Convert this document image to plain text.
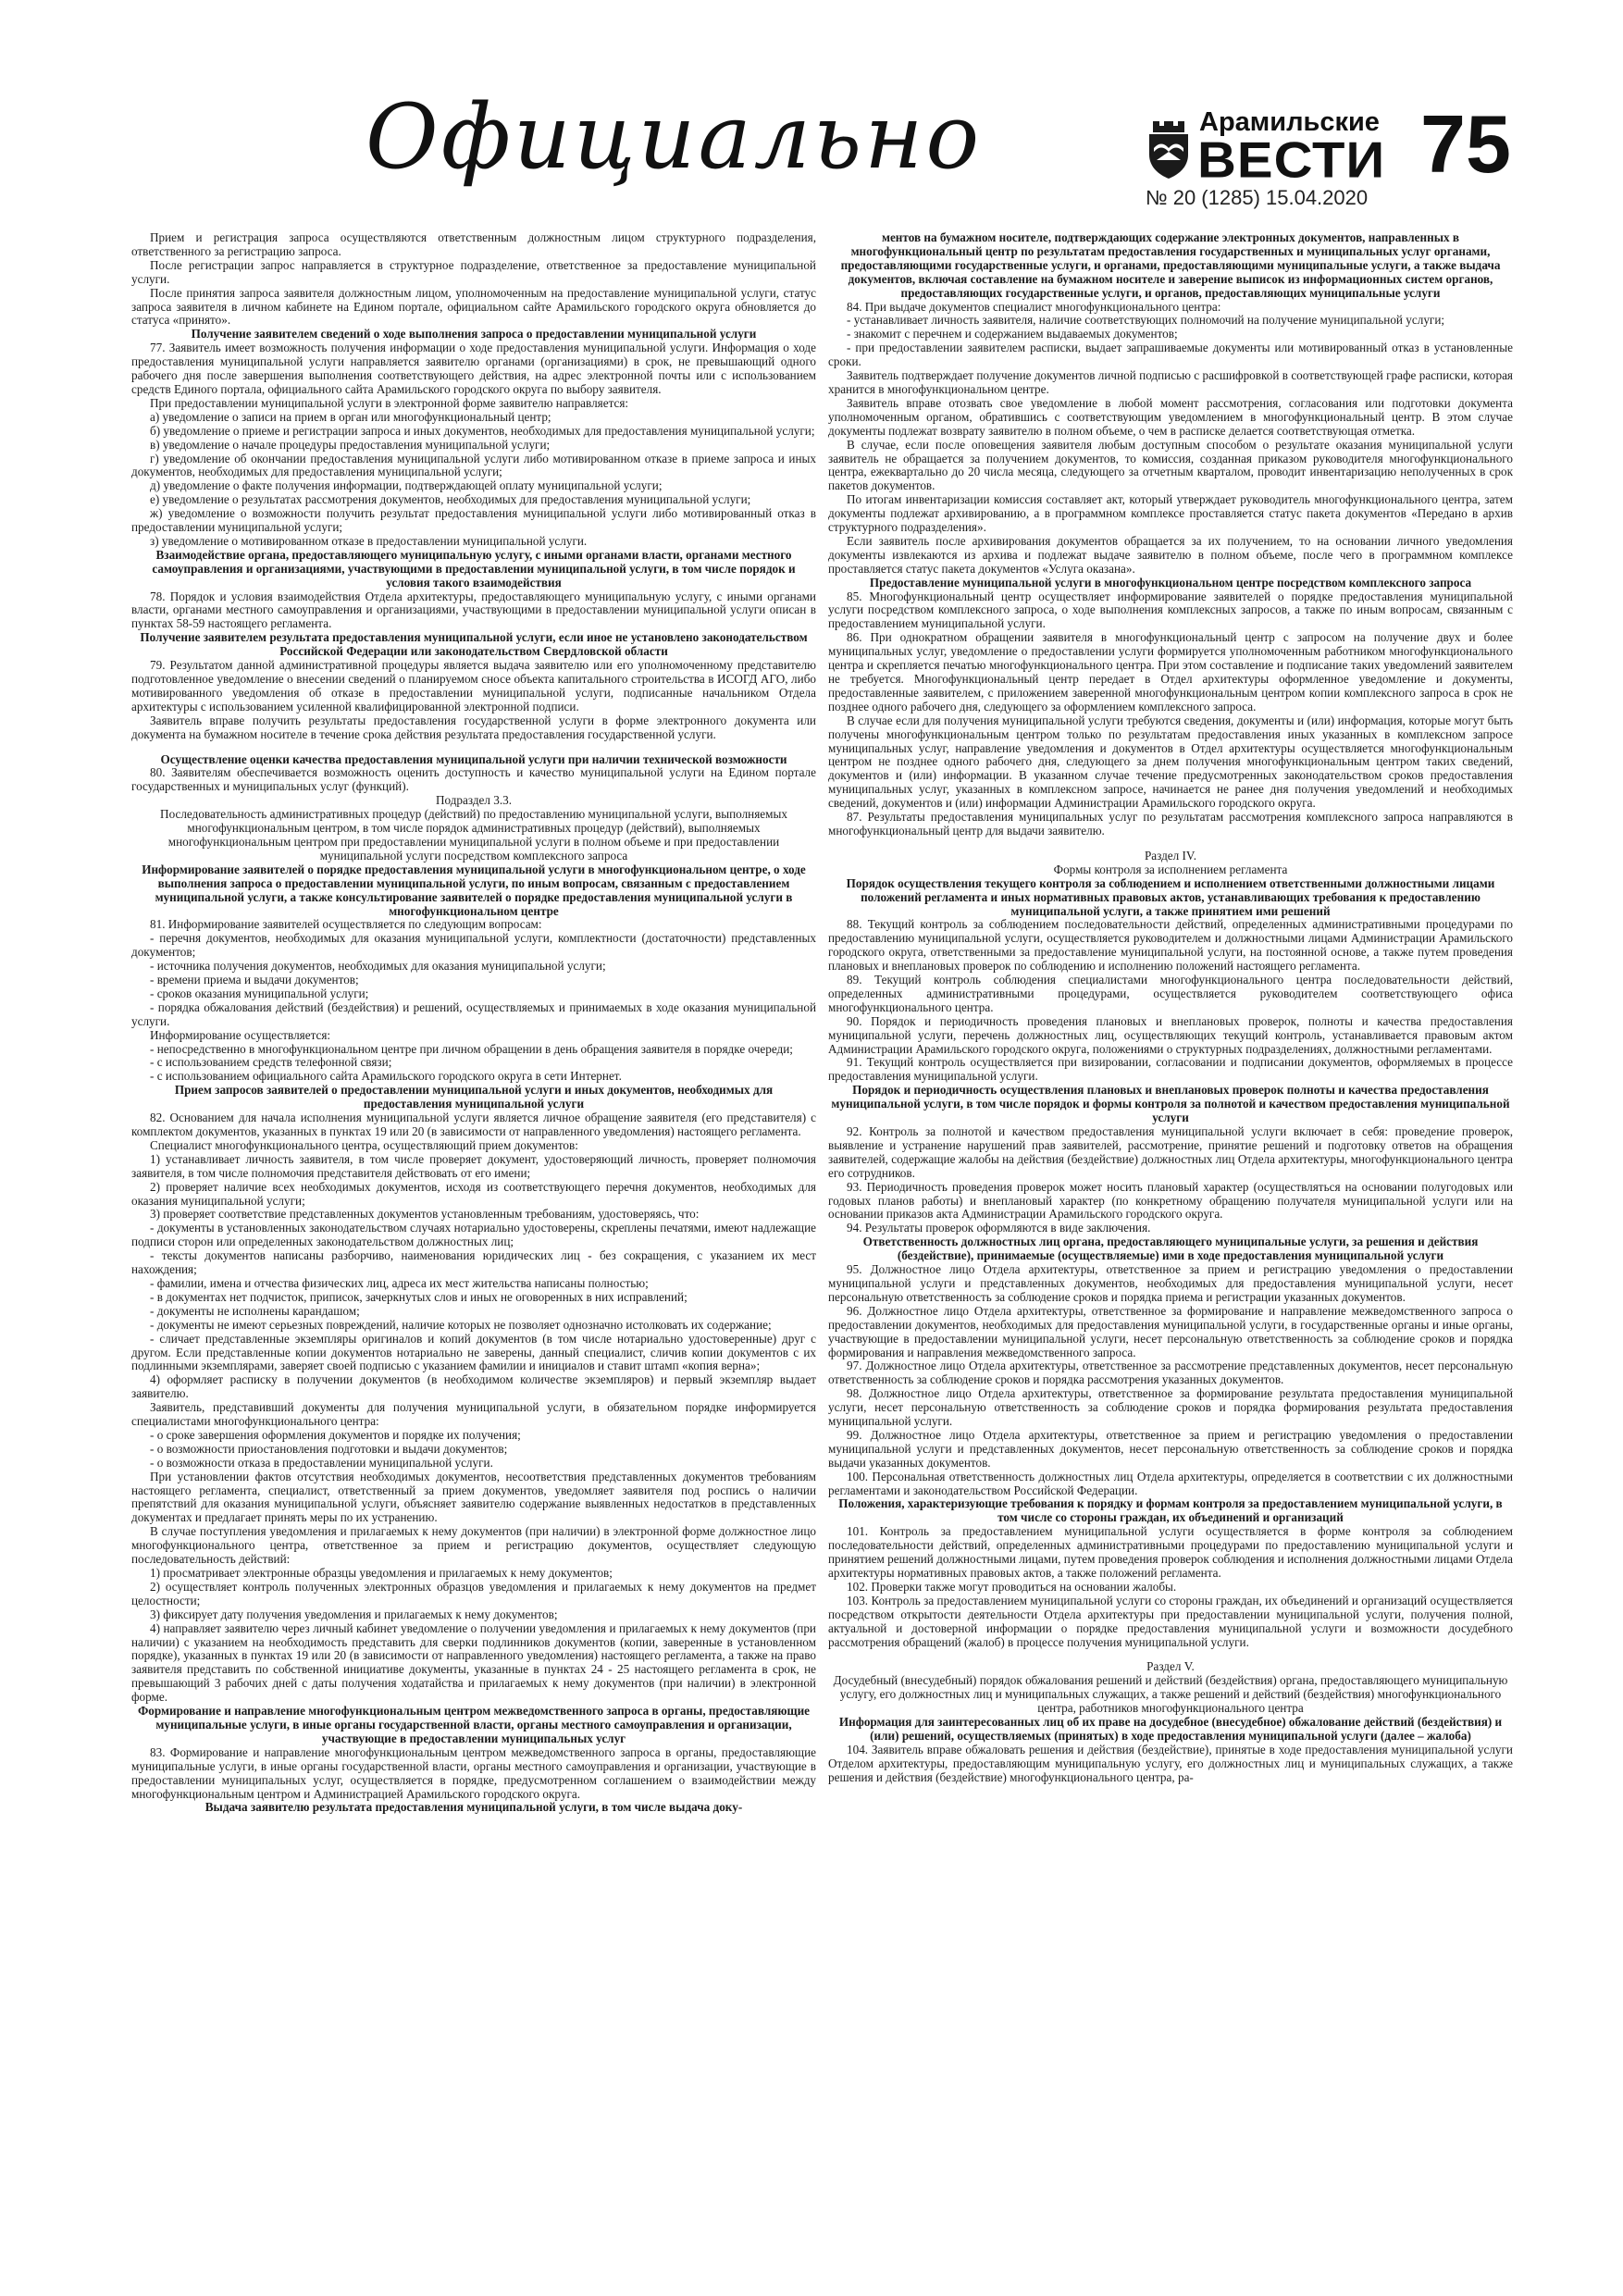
Официально	Арамильские
ВЕСТИ 75
№ 20 (1285) 15.04.2020

Прием и регистрация запроса осуществляются ответственным должностным лицом структурного подразделения, ответственного за регистрацию запроса.

После регистрации запрос направляется в структурное подразделение, ответственное за предоставление муниципальной услуги.

После принятия запроса заявителя должностным лицом, уполномоченным на предоставление муниципальной услуги, статус запроса заявителя в личном кабинете на Едином портале, официальном сайте Арамильского городского округа обновляется до статуса «принято».

Получение заявителем сведений о ходе выполнения запроса о предоставлении муниципальной услуги

77. Заявитель имеет возможность получения информации о ходе предоставления муниципальной услуги. Информация о ходе предоставления муниципальной услуги направляется заявителю органами (организациями) в срок, не превышающий одного рабочего дня после завершения выполнения соответствующего действия, на адрес электронной почты или с использованием средств Единого портала, официального сайта Арамильского городского округа по выбору заявителя.

При предоставлении муниципальной услуги в электронной форме заявителю направляется:

а) уведомление о записи на прием в орган или многофункциональный центр;

б) уведомление о приеме и регистрации запроса и иных документов, необходимых для предоставления муниципальной услуги;

в) уведомление о начале процедуры предоставления муниципальной услуги;

г) уведомление об окончании предоставления муниципальной услуги либо мотивированном отказе в приеме запроса и иных документов, необходимых для предоставления муниципальной услуги;

д) уведомление о факте получения информации, подтверждающей оплату муниципальной услуги;

е) уведомление о результатах рассмотрения документов, необходимых для предоставления муниципальной услуги;

ж) уведомление о возможности получить результат предоставления муниципальной услуги либо мотивированный отказ в предоставлении муниципальной услуги;

з) уведомление о мотивированном отказе в предоставлении муниципальной услуги.

Взаимодействие органа, предоставляющего муниципальную услугу, с иными органами власти, органами местного самоуправления и организациями, участвующими в предоставлении муниципальной услуги, в том числе порядок и условия такого взаимодействия

78. Порядок и условия взаимодействия Отдела архитектуры, предоставляющего муниципальную услугу, с иными органами власти, органами местного самоуправления и организациями, участвующими в предоставлении муниципальной услуги описан в пунктах 58-59 настоящего регламента.

Получение заявителем результата предоставления муниципальной услуги, если иное не установлено законодательством Российской Федерации или законодательством Свердловской области

79. Результатом данной административной процедуры является выдача заявителю или его уполномоченному представителю подготовленное уведомление о внесении сведений о планируемом сносе объекта капитального строительства в ИСОГД АГО, либо мотивированного уведомления об отказе в предоставлении муниципальной услуги, подписанные начальником Отдела архитектуры с использованием усиленной квалифицированной электронной подписи.

Заявитель вправе получить результаты предоставления государственной услуги в форме электронного документа или документа на бумажном носителе в течение срока действия результата предоставления государственной услуги.

Осуществление оценки качества предоставления муниципальной услуги при наличии технической возможности

80. Заявителям обеспечивается возможность оценить доступность и качество муниципальной услуги на Едином портале государственных и муниципальных услуг (функций).

Подраздел 3.3.

Последовательность административных процедур (действий) по предоставлению муниципальной услуги, выполняемых многофункциональным центром, в том числе порядок административных процедур (действий), выполняемых многофункциональным центром при предоставлении муниципальной услуги в полном объеме и при предоставлении муниципальной услуги посредством комплексного запроса

Информирование заявителей о порядке предоставления муниципальной услуги в многофункциональном центре, о ходе выполнения запроса о предоставлении муниципальной услуги, по иным вопросам, связанным с предоставлением муниципальной услуги, а также консультирование заявителей о порядке предоставления муниципальной услуги в многофункциональном центре

81. Информирование заявителей осуществляется по следующим вопросам:

- перечня документов, необходимых для оказания муниципальной услуги, комплектности (достаточности) представленных документов;

- источника получения документов, необходимых для оказания муниципальной услуги;

- времени приема и выдачи документов;

- сроков оказания муниципальной услуги;

- порядка обжалования действий (бездействия) и решений, осуществляемых и принимаемых в ходе оказания муниципальной услуги.

Информирование осуществляется:

- непосредственно в многофункциональном центре при личном обращении в день обращения заявителя в порядке очереди;

- с использованием средств телефонной связи;

- с использованием официального сайта Арамильского городского округа в сети Интернет.

Прием запросов заявителей о предоставлении муниципальной услуги и иных документов, необходимых для предоставления муниципальной услуги

82. Основанием для начала исполнения муниципальной услуги является личное обращение заявителя (его представителя) с комплектом документов, указанных в пунктах 19 или 20 (в зависимости от направленного уведомления) настоящего регламента.

Специалист многофункционального центра, осуществляющий прием документов:

1) устанавливает личность заявителя, в том числе проверяет документ, удостоверяющий личность, проверяет полномочия заявителя, в том числе полномочия представителя действовать от его имени;

2) проверяет наличие всех необходимых документов, исходя из соответствующего перечня документов, необходимых для оказания муниципальной услуги;

3) проверяет соответствие представленных документов установленным требованиям, удостоверяясь, что:

- документы в установленных законодательством случаях нотариально удостоверены, скреплены печатями, имеют надлежащие подписи сторон или определенных законодательством должностных лиц;

- тексты документов написаны разборчиво, наименования юридических лиц - без сокращения, с указанием их мест нахождения;

- фамилии, имена и отчества физических лиц, адреса их мест жительства написаны полностью;

- в документах нет подчисток, приписок, зачеркнутых слов и иных не оговоренных в них исправлений;

- документы не исполнены карандашом;

- документы не имеют серьезных повреждений, наличие которых не позволяет однозначно истолковать их содержание;

- сличает представленные экземпляры оригиналов и копий документов (в том числе нотариально удостоверенные) друг с другом. Если представленные копии документов нотариально не заверены, данный специалист, сличив копии документов с их подлинными экземплярами, заверяет своей подписью с указанием фамилии и инициалов и ставит штамп «копия верна»;

4) оформляет расписку в получении документов (в необходимом количестве экземпляров) и первый экземпляр выдает заявителю.

Заявитель, представивший документы для получения муниципальной услуги, в обязательном порядке информируется специалистами многофункционального центра:

- о сроке завершения оформления документов и порядке их получения;

- о возможности приостановления подготовки и выдачи документов;

- о возможности отказа в предоставлении муниципальной услуги.

При установлении фактов отсутствия необходимых документов, несоответствия представленных документов требованиям настоящего регламента, специалист, ответственный за прием документов, уведомляет заявителя под роспись о наличии препятствий для оказания муниципальной услуги, объясняет заявителю содержание выявленных недостатков в представленных документах и предлагает принять меры по их устранению.

В случае поступления уведомления и прилагаемых к нему документов (при наличии) в электронной форме должностное лицо многофункционального центра, ответственное за прием и регистрацию документов, осуществляет следующую последовательность действий:

1) просматривает электронные образцы уведомления и прилагаемых к нему документов;

2) осуществляет контроль полученных электронных образцов уведомления и прилагаемых к нему документов на предмет целостности;

3) фиксирует дату получения уведомления и прилагаемых к нему документов;

4) направляет заявителю через личный кабинет уведомление о получении уведомления и прилагаемых к нему документов (при наличии) с указанием на необходимость представить для сверки подлинников документов (копии, заверенные в установленном порядке), указанных в пунктах 19 или 20 (в зависимости от направленного уведомления) настоящего регламента, а также на право заявителя представить по собственной инициативе документы, указанные в пунктах 24 - 25 настоящего регламента в срок, не превышающий 3 рабочих дней с даты получения ходатайства и прилагаемых к нему документов (при наличии) в электронной форме.

Формирование и направление многофункциональным центром межведомственного запроса в органы, предоставляющие муниципальные услуги, в иные органы государственной власти, органы местного самоуправления и организации, участвующие в предоставлении муниципальных услуг

83. Формирование и направление многофункциональным центром межведомственного запроса в органы, предоставляющие муниципальные услуги, в иные органы государственной власти, органы местного самоуправления и организации, участвующие в предоставлении муниципальных услуг, осуществляется в порядке, предусмотренном соглашением о взаимодействии между многофункциональным центром и Администрацией Арамильского городского округа.

Выдача заявителю результата предоставления муниципальной услуги, в том числе выдача доку-

ментов на бумажном носителе, подтверждающих содержание электронных документов, направленных в многофункциональный центр по результатам предоставления государственных и муниципальных услуг органами, предоставляющими государственные услуги, и органами, предоставляющими муниципальные услуги, а также выдача документов, включая составление на бумажном носителе и заверение выписок из информационных систем органов, предоставляющих государственные услуги, и органов, предоставляющих муниципальные услуги

84. При выдаче документов специалист многофункционального центра:

- устанавливает личность заявителя, наличие соответствующих полномочий на получение муниципальной услуги;

- знакомит с перечнем и содержанием выдаваемых документов;

- при предоставлении заявителем расписки, выдает запрашиваемые документы или мотивированный отказ в установленные сроки.

Заявитель подтверждает получение документов личной подписью с расшифровкой в соответствующей графе расписки, которая хранится в многофункциональном центре.

Заявитель вправе отозвать свое уведомление в любой момент рассмотрения, согласования или подготовки документа уполномоченным органом, обратившись с соответствующим уведомлением в многофункциональный центр. В этом случае документы подлежат возврату заявителю в полном объеме, о чем в расписке делается соответствующая отметка.

В случае, если после оповещения заявителя любым доступным способом о результате оказания муниципальной услуги заявитель не обращается за получением документов, то комиссия, созданная приказом руководителя многофункционального центра, ежеквартально до 20 числа месяца, следующего за отчетным кварталом, проводит инвентаризацию неполученных в срок пакетов документов.

По итогам инвентаризации комиссия составляет акт, который утверждает руководитель многофункционального центра, затем документы подлежат архивированию, а в программном комплексе проставляется статус пакета документов «Передано в архив структурного подразделения».

Если заявитель после архивирования документов обращается за их получением, то на основании личного уведомления документы извлекаются из архива и подлежат выдаче заявителю в полном объеме, после чего в программном комплексе проставляется статус пакета документов «Услуга оказана».

Предоставление муниципальной услуги в многофункциональном центре посредством комплексного запроса

85. Многофункциональный центр осуществляет информирование заявителей о порядке предоставления муниципальной услуги посредством комплексного запроса, о ходе выполнения комплексных запросов, а также по иным вопросам, связанным с предоставлением муниципальной услуги.

86. При однократном обращении заявителя в многофункциональный центр с запросом на получение двух и более муниципальных услуг, уведомление о предоставлении услуги формируется уполномоченным работником многофункционального центра и скрепляется печатью многофункционального центра. При этом составление и подписание таких уведомлений заявителем не требуется. Многофункциональный центр передает в Отдел архитектуры оформленное уведомление и документы, предоставленные заявителем, с приложением заверенной многофункциональным центром копии комплексного запроса в срок не позднее одного рабочего дня, следующего за оформлением комплексного запроса.

В случае если для получения муниципальной услуги требуются сведения, документы и (или) информация, которые могут быть получены многофункциональным центром только по результатам предоставления иных указанных в комплексном запросе муниципальных услуг, направление уведомления и документов в Отдел архитектуры осуществляется многофункциональным центром не позднее одного рабочего дня, следующего за днем получения многофункциональным центром таких сведений, документов и (или) информации. В указанном случае течение предусмотренных законодательством сроков предоставления муниципальных услуг, указанных в комплексном запросе, начинается не ранее дня получения уведомлений и необходимых сведений, документов и (или) информации Администрации Арамильского городского округа.

87. Результаты предоставления муниципальных услуг по результатам рассмотрения комплексного запроса направляются в многофункциональный центр для выдачи заявителю.

Раздел IV.

Формы контроля за исполнением регламента

Порядок осуществления текущего контроля за соблюдением и исполнением ответственными должностными лицами положений регламента и иных нормативных правовых актов, устанавливающих требования к предоставлению муниципальной услуги, а также принятием ими решений

88. Текущий контроль за соблюдением последовательности действий, определенных административными процедурами по предоставлению муниципальной услуги, осуществляется руководителем и должностными лицами Администрации Арамильского городского округа, ответственными за предоставление муниципальной услуги, на постоянной основе, а также путем проведения плановых и внеплановых проверок по соблюдению и исполнению положений настоящего регламента.

89. Текущий контроль соблюдения специалистами многофункционального центра последовательности действий, определенных административными процедурами, осуществляется руководителем соответствующего офиса многофункционального центра.

90. Порядок и периодичность проведения плановых и внеплановых проверок, полноты и качества предоставления муниципальной услуги, перечень должностных лиц, осуществляющих текущий контроль, устанавливается правовым актом Администрации Арамильского городского округа, положениями о структурных подразделениях, должностными регламентами.

91. Текущий контроль осуществляется при визировании, согласовании и подписании документов, оформляемых в процессе предоставления муниципальной услуги.

Порядок и периодичность осуществления плановых и внеплановых проверок полноты и качества предоставления муниципальной услуги, в том числе порядок и формы контроля за полнотой и качеством предоставления муниципальной услуги

92. Контроль за полнотой и качеством предоставления муниципальной услуги включает в себя: проведение проверок, выявление и устранение нарушений прав заявителей, рассмотрение, принятие решений и подготовку ответов на обращения заявителей, содержащие жалобы на действия (бездействие) должностных лиц Отдела архитектуры, многофункционального центра его сотрудников.

93. Периодичность проведения проверок может носить плановый характер (осуществляться на основании полугодовых или годовых планов работы) и внеплановый характер (по конкретному обращению получателя муниципальной услуги или на основании приказов акта Администрации Арамильского городского округа.

94. Результаты проверок оформляются в виде заключения.

Ответственность должностных лиц органа, предоставляющего муниципальные услуги, за решения и действия (бездействие), принимаемые (осуществляемые) ими в ходе предоставления муниципальной услуги

95. Должностное лицо Отдела архитектуры, ответственное за прием и регистрацию уведомления о предоставлении муниципальной услуги и представленных документов, необходимых для предоставления муниципальной услуги, несет персональную ответственность за соблюдение сроков и порядка приема и регистрации указанных документов.

96. Должностное лицо Отдела архитектуры, ответственное за формирование и направление межведомственного запроса о предоставлении документов, необходимых для предоставления муниципальной услуги, в государственные органы и иные органы, участвующие в предоставлении муниципальной услуги, несет персональную ответственность за соблюдение сроков и порядка формирования и направления межведомственного запроса.

97. Должностное лицо Отдела архитектуры, ответственное за рассмотрение представленных документов, несет персональную ответственность за соблюдение сроков и порядка рассмотрения указанных документов.

98. Должностное лицо Отдела архитектуры, ответственное за формирование результата предоставления муниципальной услуги, несет персональную ответственность за соблюдение сроков и порядка формирования результата предоставления муниципальной услуги.

99. Должностное лицо Отдела архитектуры, ответственное за прием и регистрацию уведомления о предоставлении муниципальной услуги и представленных документов, несет персональную ответственность за соблюдение сроков и порядка выдачи указанных документов.

100. Персональная ответственность должностных лиц Отдела архитектуры, определяется в соответствии с их должностными регламентами и законодательством Российской Федерации.

Положения, характеризующие требования к порядку и формам контроля за предоставлением муниципальной услуги, в том числе со стороны граждан, их объединений и организаций

101. Контроль за предоставлением муниципальной услуги осуществляется в форме контроля за соблюдением последовательности действий, определенных административными процедурами по предоставлению муниципальной услуги и принятием решений должностными лицами, путем проведения проверок соблюдения и исполнения должностными лицами Отдела архитектуры нормативных правовых актов, а также положений регламента.

102. Проверки также могут проводиться на основании жалобы.

103. Контроль за предоставлением муниципальной услуги со стороны граждан, их объединений и организаций осуществляется посредством открытости деятельности Отдела архитектуры при предоставлении муниципальной услуги, получения полной, актуальной и достоверной информации о порядке предоставления муниципальной услуги и возможности досудебного рассмотрения обращений (жалоб) в процессе получения муниципальной услуги.

Раздел V.

Досудебный (внесудебный) порядок обжалования решений и действий (бездействия) органа, предоставляющего муниципальную услугу, его должностных лиц и муниципальных служащих, а также решений и действий (бездействия) многофункционального центра, работников многофункционального центра

Информация для заинтересованных лиц об их праве на досудебное (внесудебное) обжалование действий (бездействия) и (или) решений, осуществляемых (принятых) в ходе предоставления муниципальной услуги (далее – жалоба)

104. Заявитель вправе обжаловать решения и действия (бездействие), принятые в ходе предоставления муниципальной услуги Отделом архитектуры, предоставляющим муниципальную услугу, его должностных лиц и муниципальных служащих, а также решения и действия (бездействие) многофункционального центра, ра-
